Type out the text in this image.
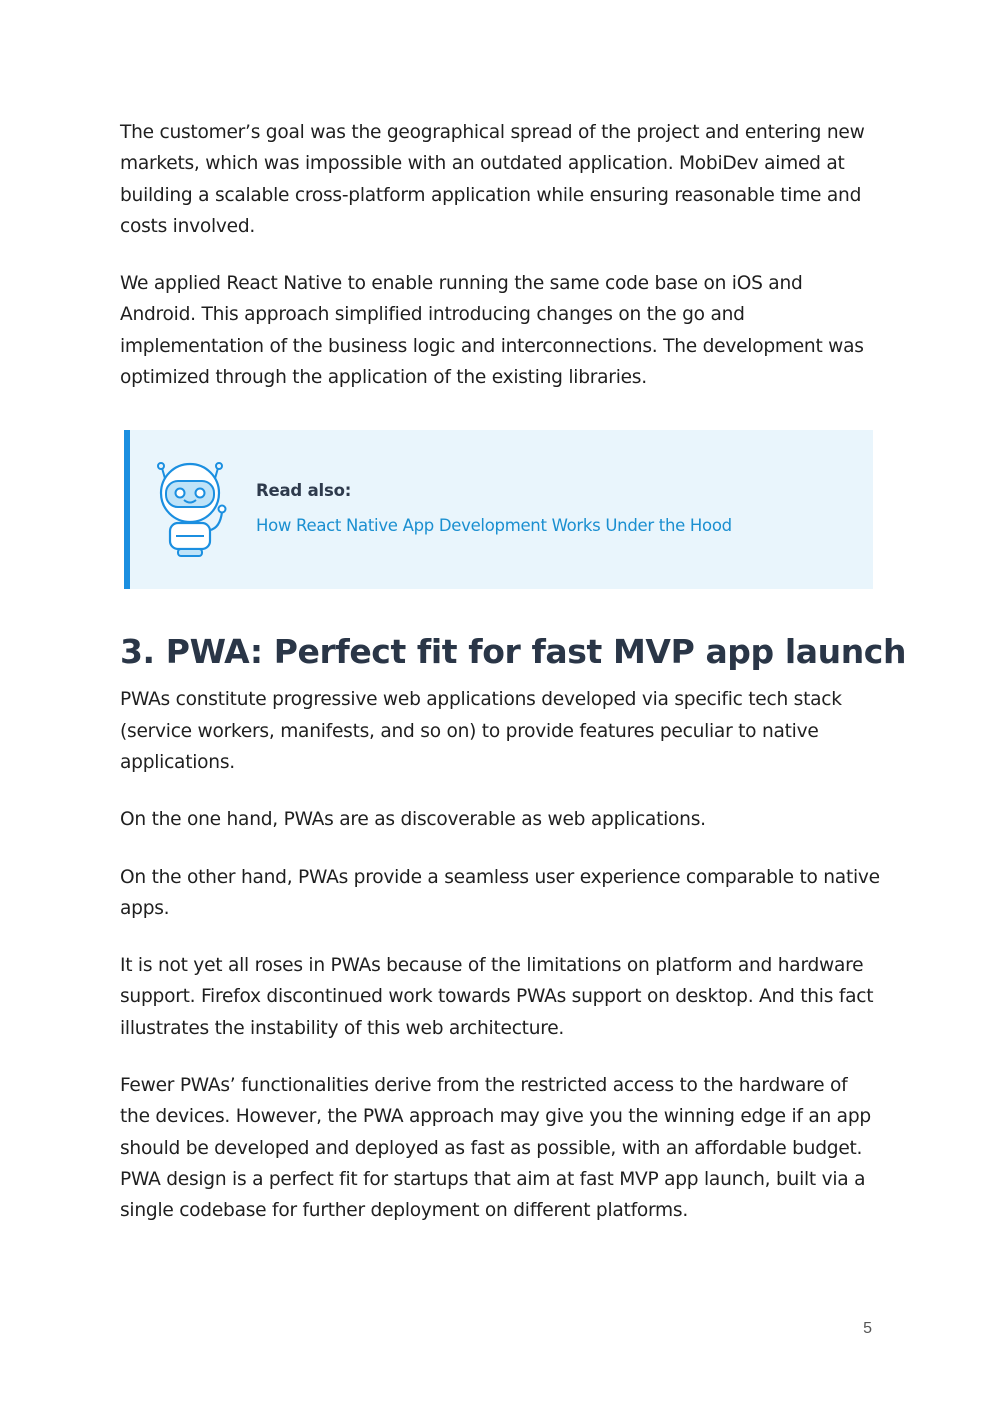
The customer’s goal was the geographical spread of the project and entering new markets, which was impossible with an outdated application. MobiDev aimed at building a scalable cross-platform application while ensuring reasonable time and costs involved.

We applied React Native to enable running the same code base on iOS and Android. This approach simplified introducing changes on the go and implementation of the business logic and interconnections. The development was optimized through the application of the existing libraries.

Read also:
How React Native App Development Works Under the Hood
3. PWA: Perfect fit for fast MVP app launch

PWAs constitute progressive web applications developed via specific tech stack (service workers, manifests, and so on) to provide features peculiar to native applications.

On the one hand, PWAs are as discoverable as web applications.

On the other hand, PWAs provide a seamless user experience comparable to native apps.

It is not yet all roses in PWAs because of the limitations on platform and hardware support. Firefox discontinued work towards PWAs support on desktop. And this fact illustrates the instability of this web architecture.

Fewer PWAs’ functionalities derive from the restricted access to the hardware of the devices. However, the PWA approach may give you the winning edge if an app should be developed and deployed as fast as possible, with an affordable budget. PWA design is a perfect fit for startups that aim at fast MVP app launch, built via a single codebase for further deployment on different platforms.

5
